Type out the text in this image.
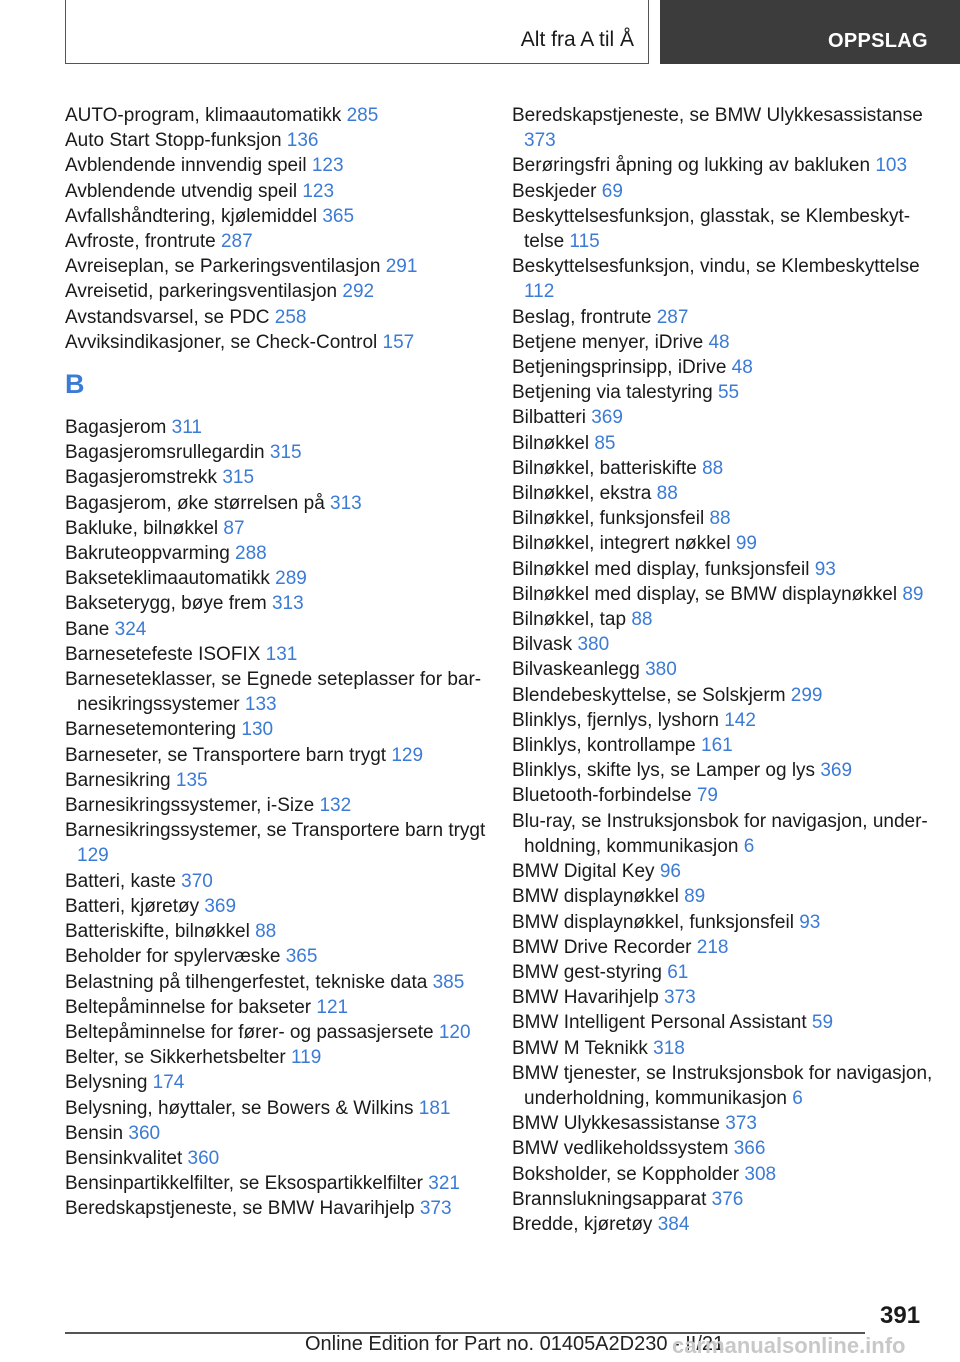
Alt fra A til Å	OPPSLAG
AUTO-program, klimaautomatikk 285
Auto Start Stopp-funksjon 136
Avblendende innvendig speil 123
Avblendende utvendig speil 123
Avfallshåndtering, kjølemiddel 365
Avfroste, frontrute 287
Avreiseplan, se Parkeringsventilasjon 291
Avreisetid, parkeringsventilasjon 292
Avstandsvarsel, se PDC 258
Avviksindikasjoner, se Check-Control 157
B
Bagasjerom 311
Bagasjeromsrullegardin 315
Bagasjeromstrekk 315
Bagasjerom, øke størrelsen på 313
Bakluke, bilnøkkel 87
Bakruteoppvarming 288
Bakseteklimaautomatikk 289
Bakseterygg, bøye frem 313
Bane 324
Barnesetefeste ISOFIX 131
Barneseteklasser, se Egnede seteplasser for barnesikringssystemer 133
Barnesetemontering 130
Barneseter, se Transportere barn trygt 129
Barnesikring 135
Barnesikringssystemer, i-Size 132
Barnesikringssystemer, se Transportere barn trygt 129
Batteri, kaste 370
Batteri, kjøretøy 369
Batteriskifte, bilnøkkel 88
Beholder for spylervæske 365
Belastning på tilhengerfestet, tekniske data 385
Beltepåminnelse for bakseter 121
Beltepåminnelse for fører- og passasjersete 120
Belter, se Sikkerhetsbelter 119
Belysning 174
Belysning, høyttaler, se Bowers & Wilkins 181
Bensin 360
Bensinkvalitet 360
Bensinpartikkelfilter, se Eksospartikkelfilter 321
Beredskapstjeneste, se BMW Havarihjelp 373
Beredskapstjeneste, se BMW Ulykkesassistanse 373
Berøringsfri åpning og lukking av bakluken 103
Beskjeder 69
Beskyttelsesfunksjon, glasstak, se Klembeskyttelse 115
Beskyttelsesfunksjon, vindu, se Klembeskyttelse 112
Beslag, frontrute 287
Betjene menyer, iDrive 48
Betjeningsprinsipp, iDrive 48
Betjening via talestyring 55
Bilbatteri 369
Bilnøkkel 85
Bilnøkkel, batteriskifte 88
Bilnøkkel, ekstra 88
Bilnøkkel, funksjonsfeil 88
Bilnøkkel, integrert nøkkel 99
Bilnøkkel med display, funksjonsfeil 93
Bilnøkkel med display, se BMW displaynøkkel 89
Bilnøkkel, tap 88
Bilvask 380
Bilvaskeanlegg 380
Blendebeskyttelse, se Solskjerm 299
Blinklys, fjernlys, lyshorn 142
Blinklys, kontrollampe 161
Blinklys, skifte lys, se Lamper og lys 369
Bluetooth-forbindelse 79
Blu-ray, se Instruksjonsbok for navigasjon, underholdning, kommunikasjon 6
BMW Digital Key 96
BMW displaynøkkel 89
BMW displaynøkkel, funksjonsfeil 93
BMW Drive Recorder 218
BMW gest-styring 61
BMW Havarihjelp 373
BMW Intelligent Personal Assistant 59
BMW M Teknikk 318
BMW tjenester, se Instruksjonsbok for navigasjon, underholdning, kommunikasjon 6
BMW Ulykkesassistanse 373
BMW vedlikeholdssystem 366
Boksholder, se Koppholder 308
Brannslukningsapparat 376
Bredde, kjøretøy 384
391
Online Edition for Part no. 01405A2D230 - II/21
carmanualsonline.info
